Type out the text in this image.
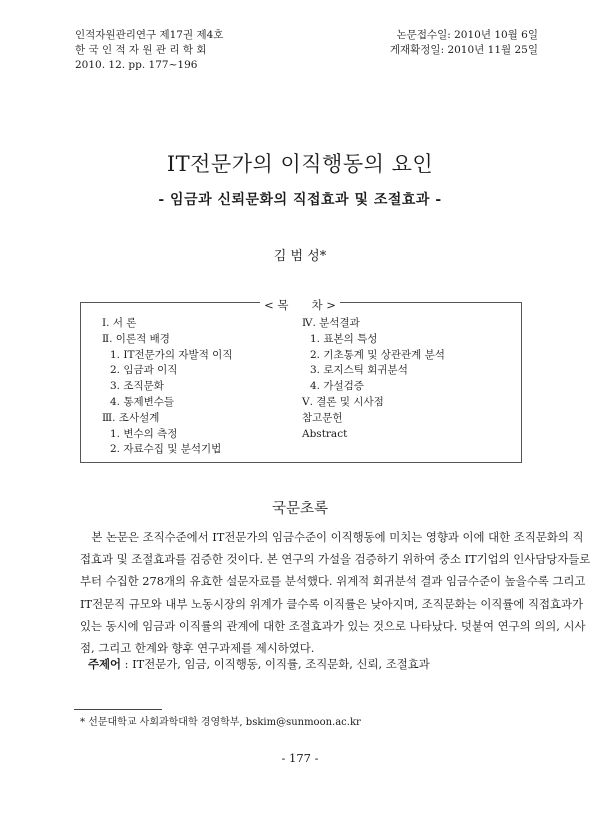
인적자원관리연구 제17권 제4호
한 국 인 적 자 원 관 리 학 회
2010. 12. pp. 177~196
논문접수일: 2010년 10월 6일
게재확정일: 2010년 11월 25일
IT전문가의 이직행동의 요인
- 임금과 신뢰문화의 직접효과 및 조절효과 -
김 범 성*
< 목　　차 >
Ⅰ. 서 론
Ⅱ. 이론적 배경
1. IT전문가의 자발적 이직
2. 임금과 이직
3. 조직문화
4. 통제변수들
Ⅲ. 조사설계
1. 변수의 측정
2. 자료수집 및 분석기법
Ⅳ. 분석결과
1. 표본의 특성
2. 기초통계 및 상관관계 분석
3. 로지스틱 회귀분석
4. 가설검증
Ⅴ. 결론 및 시사점
참고문헌
Abstract
국문초록
　본 논문은 조직수준에서 IT전문가의 임금수준이 이직행동에 미치는 영향과 이에 대한 조직문화의 직
접효과 및 조절효과를 검증한 것이다. 본 연구의 가설을 검증하기 위하여 중소 IT기업의 인사담당자들로
부터 수집한 278개의 유효한 설문자료를 분석했다. 위계적 회귀분석 결과 임금수준이 높을수록 그리고
IT전문직 규모와 내부 노동시장의 위계가 클수록 이직률은 낮아지며, 조직문화는 이직률에 직접효과가
있는 동시에 임금과 이직률의 관계에 대한 조절효과가 있는 것으로 나타났다. 덧붙여 연구의 의의, 시사
점, 그리고 한계와 향후 연구과제를 제시하였다.
주제어 : IT전문가, 임금, 이직행동, 이직률, 조직문화, 신뢰, 조절효과
* 선문대학교 사회과학대학 경영학부, bskim@sunmoon.ac.kr
- 177 -
